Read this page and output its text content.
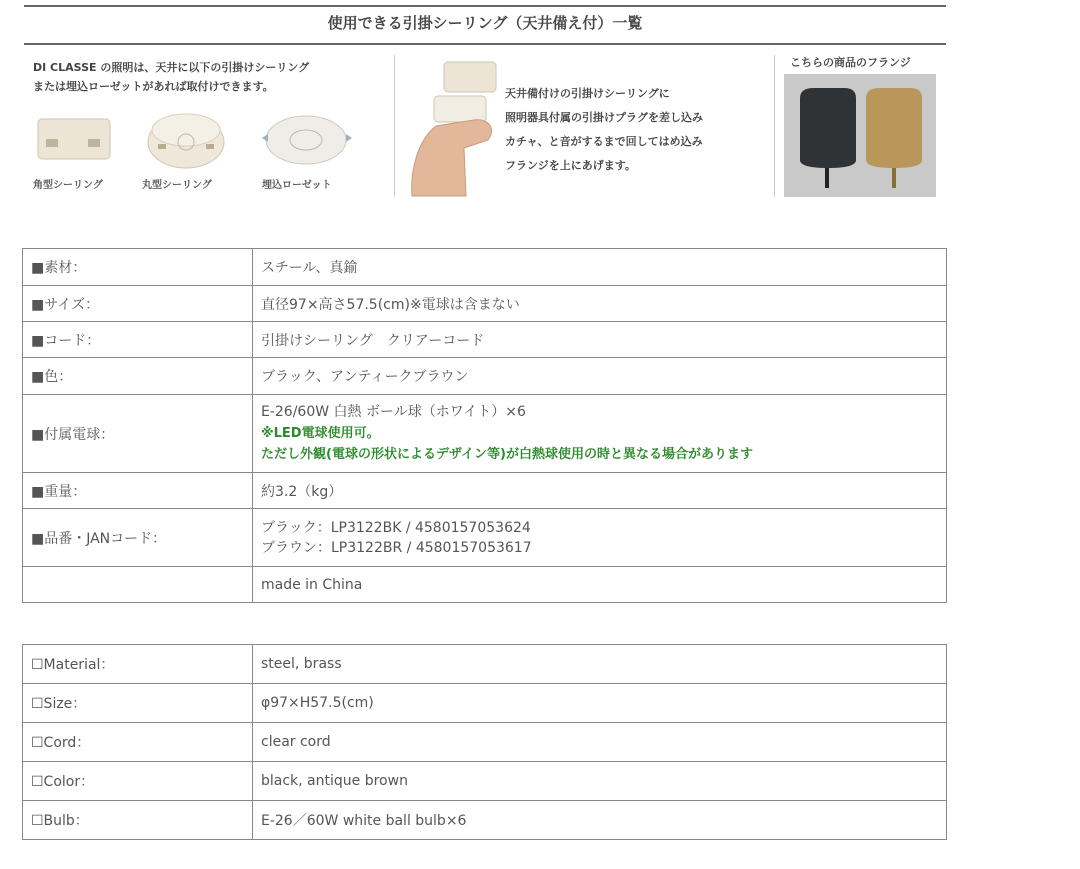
使用できる引掛シーリング（天井備え付）一覧
DI CLASSE の照明は、天井に以下の引掛けシーリング
または埋込ローゼットがあれば取付けできます。
角型シーリング	丸型シーリング	埋込ローゼット
天井備付けの引掛けシーリングに
照明器具付属の引掛けプラグを差し込み
カチャ、と音がするまで回してはめ込み
フランジを上にあげます。
こちらの商品のフランジ
■素材：	スチール、真鍮
■サイズ：	直径97×高さ57.5(cm)※電球は含まない
■コード：	引掛けシーリング　クリアーコード
■色：	ブラック、アンティークブラウン
■付属電球：	E-26/60W 白熱 ボール球（ホワイト）×6
※LED電球使用可。
ただし外観(電球の形状によるデザイン等)が白熱球使用の時と異なる場合があります

■重量：	約3.2（kg）
■品番・JANコード：	ブラック：LP3122BK / 4580157053624
ブラウン：LP3122BR / 4580157053617

	made in China
☐Material：	steel, brass
☐Size：	φ97×H57.5(cm)
☐Cord：	clear cord
☐Color：	black, antique brown
☐Bulb：	E-26／60W white ball bulb×6
